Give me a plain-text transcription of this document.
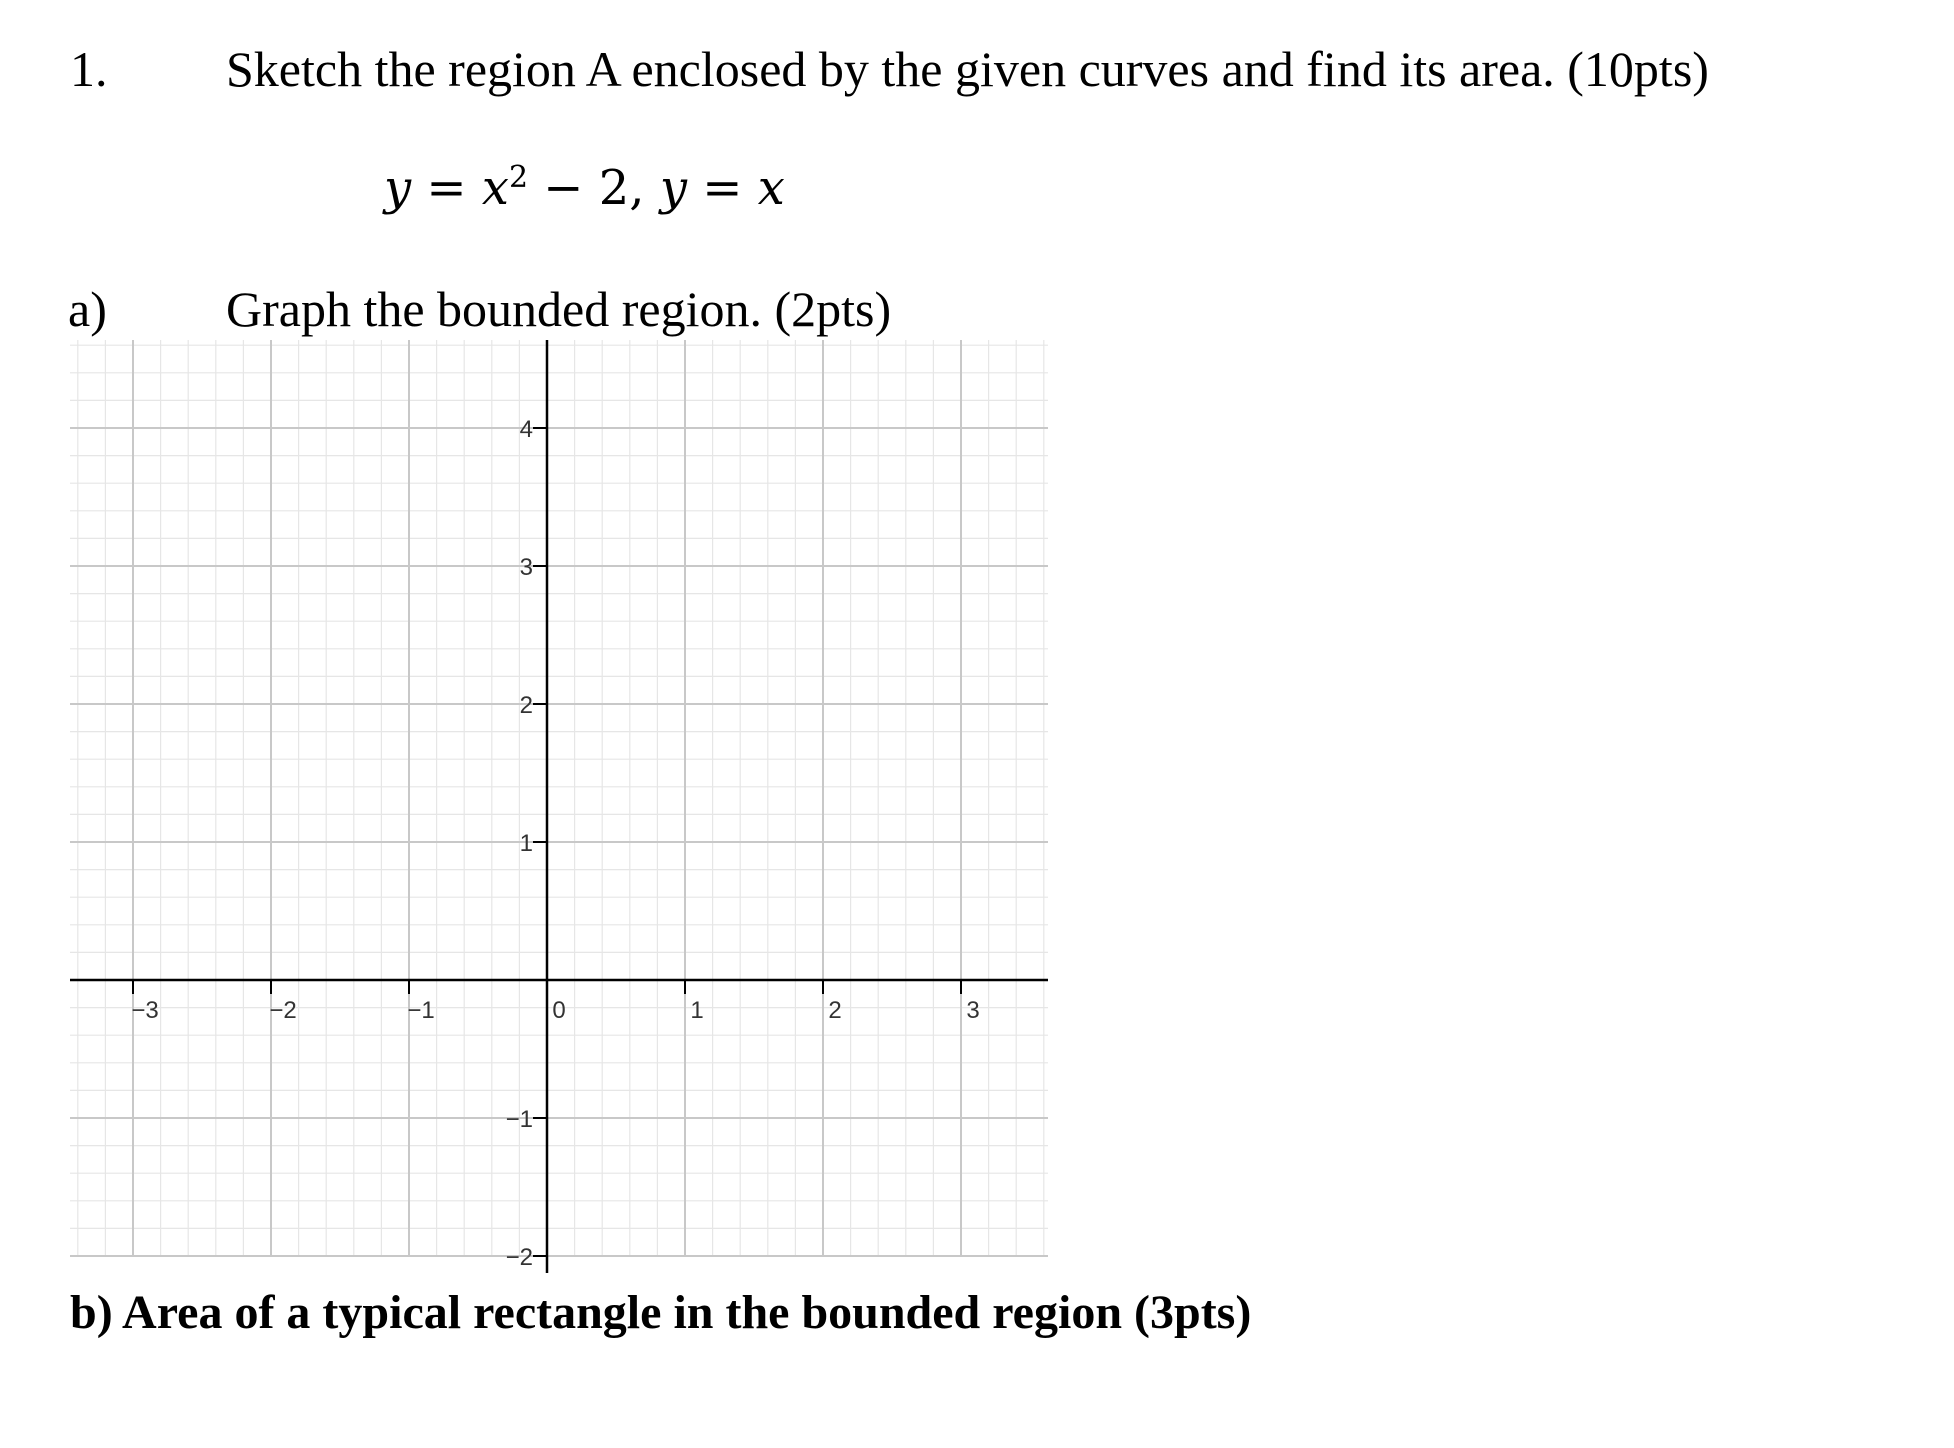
1. Sketch the region A enclosed by the given curves and find its area. (10pts)
$y = x^2 - 2$, y = x
a) Graph the bounded region. (2pts)
−3	−2	−1	0	1	2	3
−2
−1
1
2
3
4
b) Area of a typical rectangle in the bounded region (3pts)
